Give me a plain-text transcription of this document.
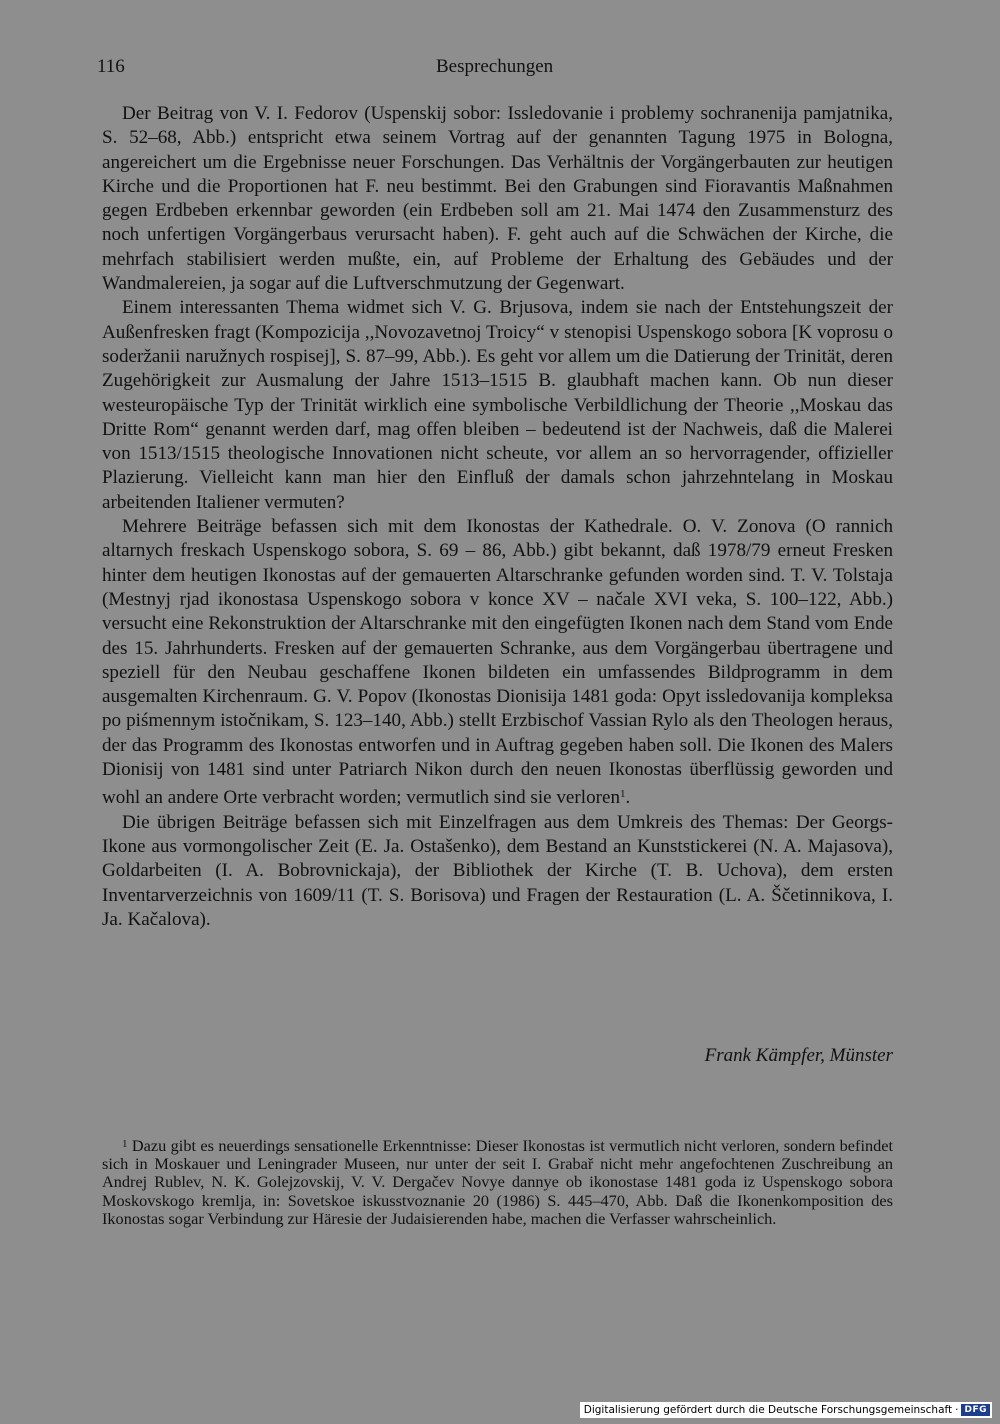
116	Besprechungen

Der Beitrag von V. I. Fedorov (Uspenskij sobor: Issledovanie i problemy sochranenija pamjatnika, S. 52–68, Abb.) entspricht etwa seinem Vortrag auf der genannten Tagung 1975 in Bologna, angereichert um die Ergebnisse neuer Forschungen. Das Verhältnis der Vorgängerbauten zur heutigen Kirche und die Proportionen hat F. neu bestimmt. Bei den Grabungen sind Fioravantis Maßnahmen gegen Erdbeben erkennbar geworden (ein Erdbeben soll am 21. Mai 1474 den Zusammensturz des noch unfertigen Vorgängerbaus verursacht haben). F. geht auch auf die Schwächen der Kirche, die mehrfach stabilisiert werden mußte, ein, auf Probleme der Erhaltung des Gebäudes und der Wandmalereien, ja sogar auf die Luftverschmutzung der Gegenwart.

Einem interessanten Thema widmet sich V. G. Brjusova, indem sie nach der Entstehungszeit der Außenfresken fragt (Kompozicija ,,Novozavetnoj Troicy“ v stenopisi Uspenskogo sobora [K voprosu o soderžanii naružnych rospisej], S. 87–99, Abb.). Es geht vor allem um die Datierung der Trinität, deren Zugehörigkeit zur Ausmalung der Jahre 1513–1515 B. glaubhaft machen kann. Ob nun dieser westeuropäische Typ der Trinität wirklich eine symbolische Verbildlichung der Theorie ,,Moskau das Dritte Rom“ genannt werden darf, mag offen bleiben – bedeutend ist der Nachweis, daß die Malerei von 1513/1515 theologische Innovationen nicht scheute, vor allem an so hervorragender, offizieller Plazierung. Vielleicht kann man hier den Einfluß der damals schon jahrzehntelang in Moskau arbeitenden Italiener vermuten?

Mehrere Beiträge befassen sich mit dem Ikonostas der Kathedrale. O. V. Zonova (O rannich altarnych freskach Uspenskogo sobora, S. 69 – 86, Abb.) gibt bekannt, daß 1978/79 erneut Fresken hinter dem heutigen Ikonostas auf der gemauerten Altarschranke gefunden worden sind. T. V. Tolstaja (Mestnyj rjad ikonostasa Uspenskogo sobora v konce XV – načale XVI veka, S. 100–122, Abb.) versucht eine Rekonstruktion der Altarschranke mit den eingefügten Ikonen nach dem Stand vom Ende des 15. Jahrhunderts. Fresken auf der gemauerten Schranke, aus dem Vorgängerbau übertragene und speziell für den Neubau geschaffene Ikonen bildeten ein umfassendes Bildprogramm in dem ausgemalten Kirchenraum. G. V. Popov (Ikonostas Dionisija 1481 goda: Opyt issledovanija kompleksa po piśmennym istočnikam, S. 123–140, Abb.) stellt Erzbischof Vassian Rylo als den Theologen heraus, der das Programm des Ikonostas entworfen und in Auftrag gegeben haben soll. Die Ikonen des Malers Dionisij von 1481 sind unter Patriarch Nikon durch den neuen Ikonostas überflüssig geworden und wohl an andere Orte verbracht worden; vermutlich sind sie verloren$^1$.

Die übrigen Beiträge befassen sich mit Einzelfragen aus dem Umkreis des Themas: Der Georgs-Ikone aus vormongolischer Zeit (E. Ja. Ostašenko), dem Bestand an Kunststickerei (N. A. Majasova), Goldarbeiten (I. A. Bobrovnickaja), der Bibliothek der Kirche (T. B. Uchova), dem ersten Inventarverzeichnis von 1609/11 (T. S. Borisova) und Fragen der Restauration (L. A. Ščetinnikova, I. Ja. Kačalova).

Frank Kämpfer, Münster

$^1$ Dazu gibt es neuerdings sensationelle Erkenntnisse: Dieser Ikonostas ist vermutlich nicht verloren, sondern befindet sich in Moskauer und Leningrader Museen, nur unter der seit I. Grabař nicht mehr angefochtenen Zuschreibung an Andrej Rublev, N. K. Golejzovskij, V. V. Dergačev Novye dannye ob ikonostase 1481 goda iz Uspenskogo sobora Moskovskogo kremlja, in: Sovetskoe iskusstvoznanie 20 (1986) S. 445–470, Abb. Daß die Ikonenkomposition des Ikonostas sogar Verbindung zur Häresie der Judaisierenden habe, machen die Verfasser wahrscheinlich.

Digitalisierung gefördert durch die Deutsche Forschungsgemeinschaft · DFG
